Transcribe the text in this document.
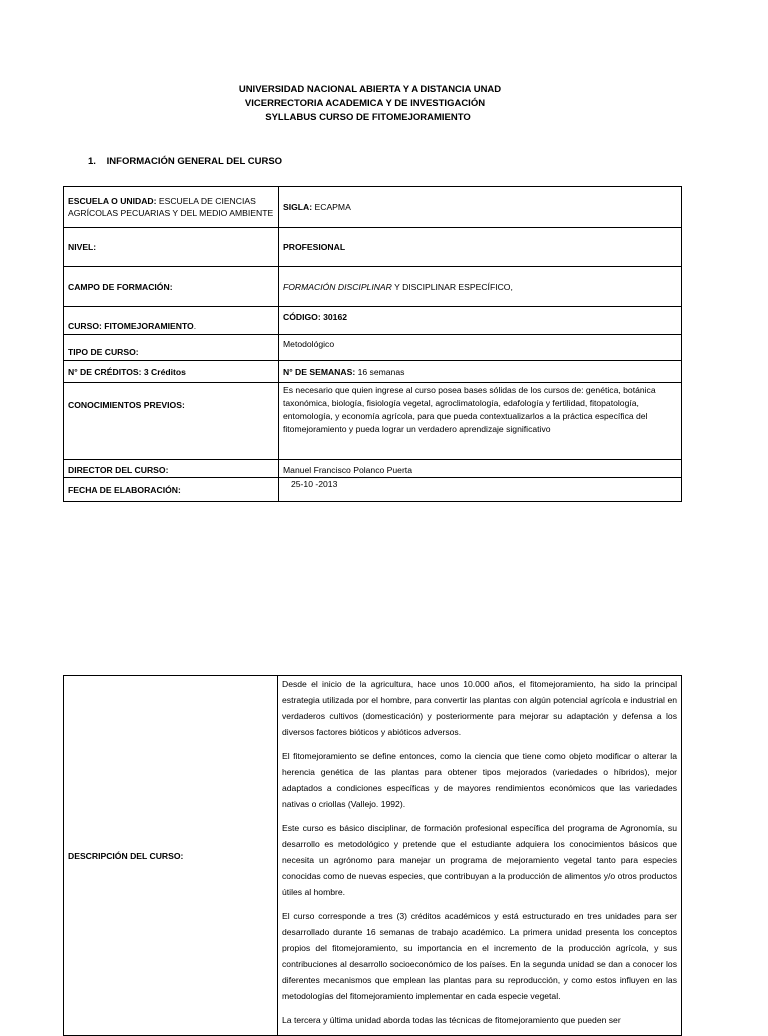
UNIVERSIDAD NACIONAL ABIERTA Y A DISTANCIA UNAD
VICERRECTORIA ACADEMICA Y DE INVESTIGACIÓN
SYLLABUS CURSO DE FITOMEJORAMIENTO
1. INFORMACIÓN GENERAL DEL CURSO
ESCUELA O UNIDAD: ESCUELA DE CIENCIAS AGRÍCOLAS PECUARIAS Y DEL MEDIO AMBIENTE	SIGLA: ECAPMA
NIVEL:	PROFESIONAL
CAMPO DE FORMACIÓN:	FORMACIÓN DISCIPLINAR Y DISCIPLINAR ESPECÍFICO,
CURSO: FITOMEJORAMIENTO.	CÓDIGO: 30162
TIPO DE CURSO:	Metodológico
N° DE CRÉDITOS: 3 Créditos	N° DE SEMANAS: 16 semanas
CONOCIMIENTOS PREVIOS:	Es necesario que quien ingrese al curso posea bases sólidas de los cursos de: genética, botánica taxonómica, biología, fisiología vegetal, agroclimatología, edafología y fertilidad, fitopatología, entomología, y economía agrícola, para que pueda contextualizarlos a la práctica específica del fitomejoramiento y pueda lograr un verdadero aprendizaje significativo
DIRECTOR DEL CURSO:	Manuel Francisco Polanco Puerta
FECHA DE ELABORACIÓN:	25-10 -2013
DESCRIPCIÓN DEL CURSO:	

Desde el inicio de la agricultura, hace unos 10.000 años, el fitomejoramiento, ha sido la principal estrategia utilizada por el hombre, para convertir las plantas con algún potencial agrícola e industrial en verdaderos cultivos (domesticación) y posteriormente para mejorar su adaptación y defensa a los diversos factores bióticos y abióticos adversos.

El fitomejoramiento se define entonces, como la ciencia que tiene como objeto modificar o alterar la herencia genética de las plantas para obtener tipos mejorados (variedades o híbridos), mejor adaptados a condiciones específicas y de mayores rendimientos económicos que las variedades nativas o criollas (Vallejo. 1992).

Este curso es básico disciplinar, de formación profesional específica del programa de Agronomía, su desarrollo es metodológico y pretende que el estudiante adquiera los conocimientos básicos que necesita un agrónomo para manejar un programa de mejoramiento vegetal tanto para especies conocidas como de nuevas especies, que contribuyan a la producción de alimentos y/o otros productos útiles al hombre.

El curso corresponde a tres (3) créditos académicos y está estructurado en tres unidades para ser desarrollado durante 16 semanas de trabajo académico. La primera unidad presenta los conceptos propios del fitomejoramiento, su importancia en el incremento de la producción agrícola, y sus contribuciones al desarrollo socioeconómico de los países. En la segunda unidad se dan a conocer los diferentes mecanismos que emplean las plantas para su reproducción, y como estos influyen en las metodologías del fitomejoramiento implementar en cada especie vegetal.

La tercera y última unidad aborda todas las técnicas de fitomejoramiento que pueden ser
